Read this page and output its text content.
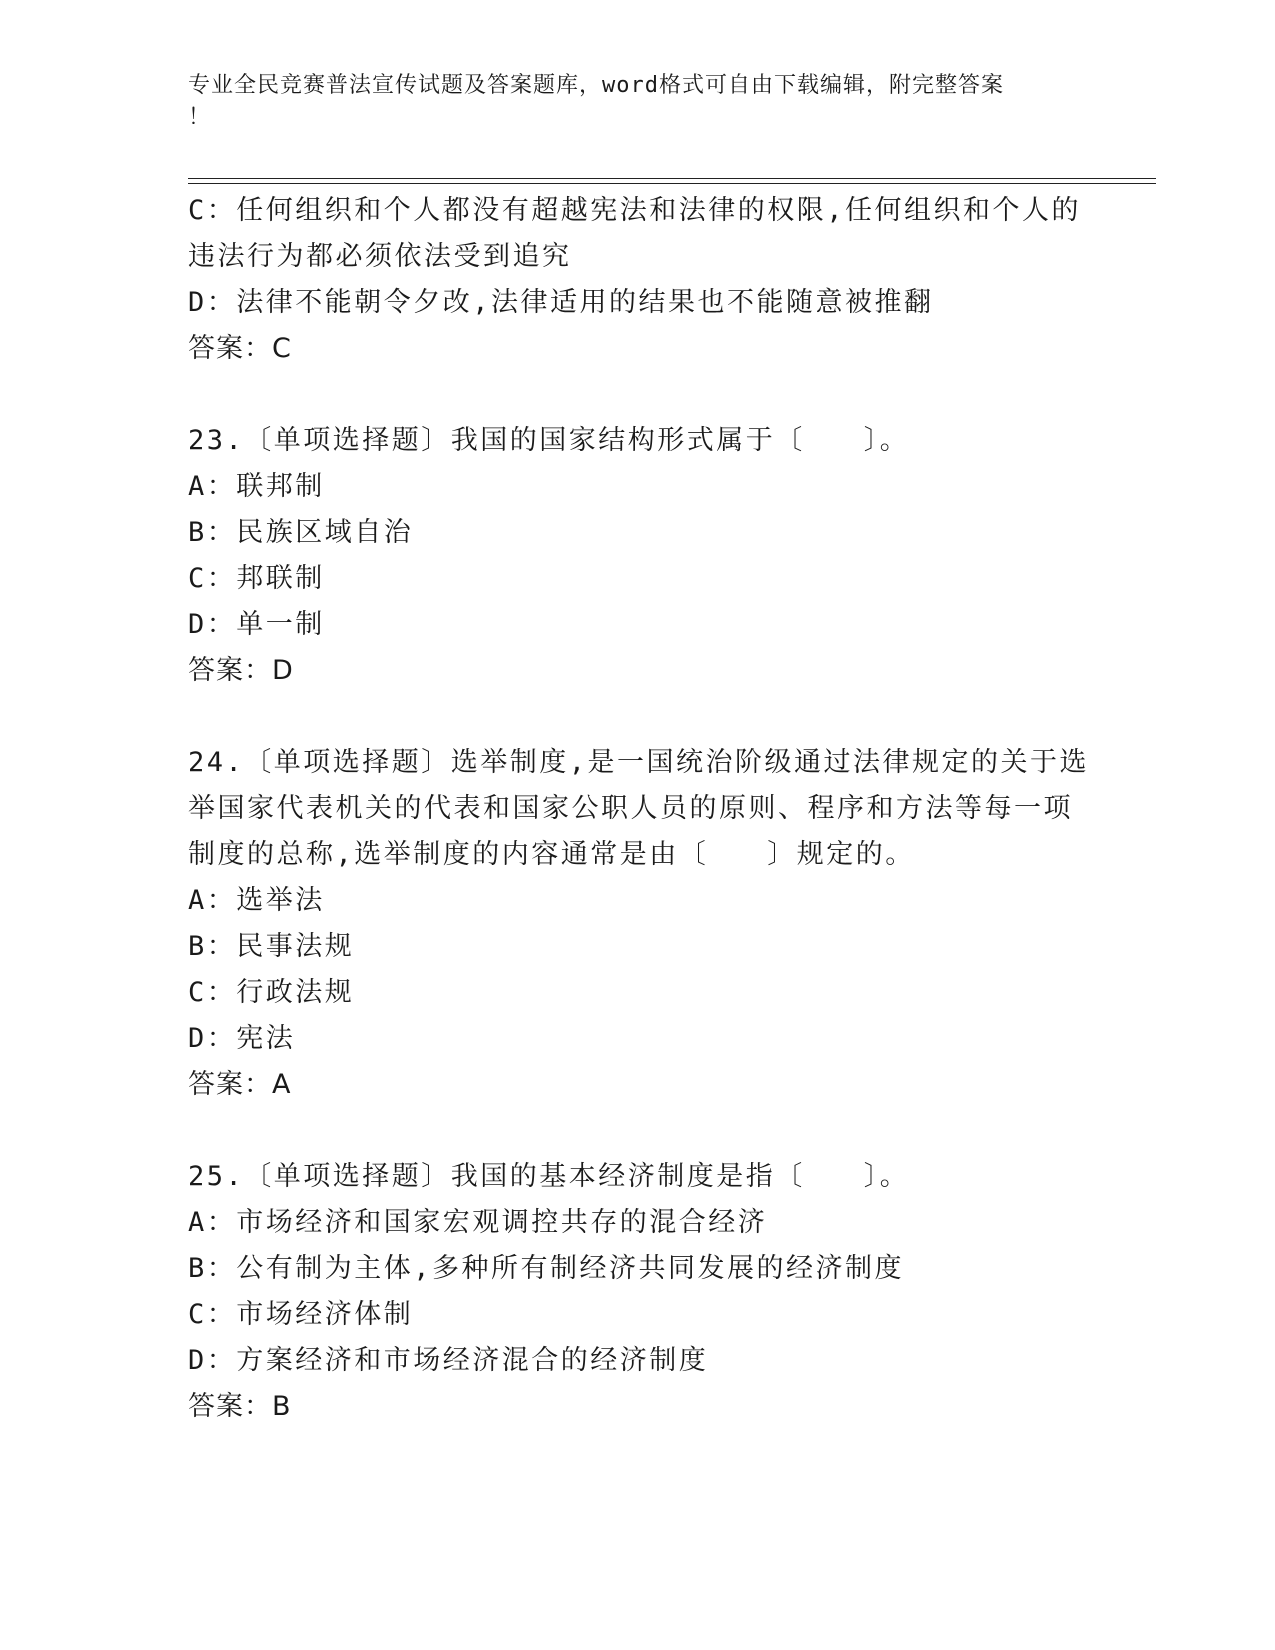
专业全民竞赛普法宣传试题及答案题库，word格式可自由下载编辑，附完整答案
！
C：任何组织和个人都没有超越宪法和法律的权限,任何组织和个人的
违法行为都必须依法受到追究
D：法律不能朝令夕改,法律适用的结果也不能随意被推翻
答案：C
23.〔单项选择题〕我国的国家结构形式属于〔　　〕。
A：联邦制
B：民族区域自治
C：邦联制
D：单一制
答案：D
24.〔单项选择题〕选举制度,是一国统治阶级通过法律规定的关于选
举国家代表机关的代表和国家公职人员的原则、程序和方法等每一项
制度的总称,选举制度的内容通常是由〔　　〕规定的。
A：选举法
B：民事法规
C：行政法规
D：宪法
答案：A
25.〔单项选择题〕我国的基本经济制度是指〔　　〕。
A：市场经济和国家宏观调控共存的混合经济
B：公有制为主体,多种所有制经济共同发展的经济制度
C：市场经济体制
D：方案经济和市场经济混合的经济制度
答案：B
